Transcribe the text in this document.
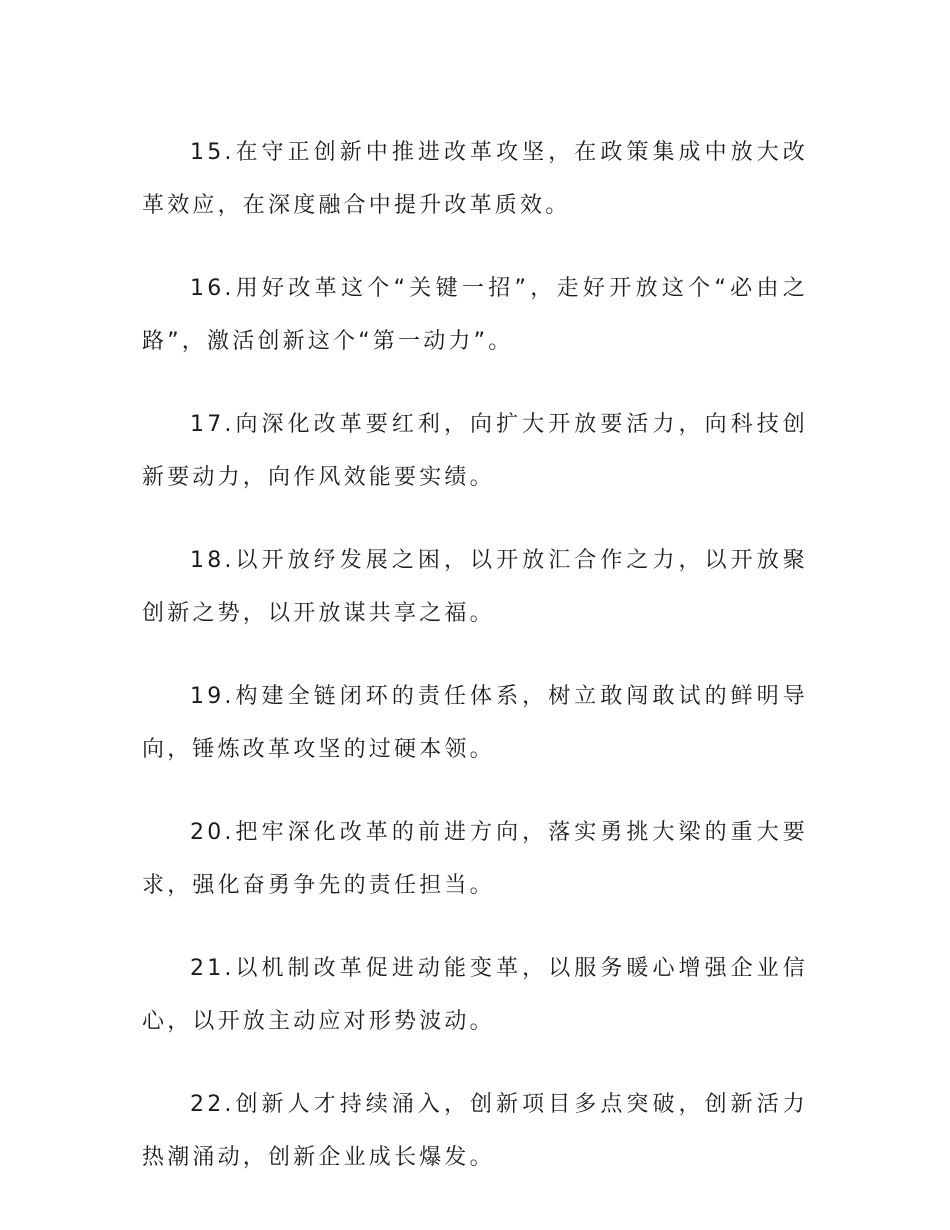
15.在守正创新中推进改革攻坚，在政策集成中放大改革效应，在深度融合中提升改革质效。

16.用好改革这个“关键一招”，走好开放这个“必由之路”，激活创新这个“第一动力”。

17.向深化改革要红利，向扩大开放要活力，向科技创新要动力，向作风效能要实绩。

18.以开放纾发展之困，以开放汇合作之力，以开放聚创新之势，以开放谋共享之福。

19.构建全链闭环的责任体系，树立敢闯敢试的鲜明导向，锤炼改革攻坚的过硬本领。

20.把牢深化改革的前进方向，落实勇挑大梁的重大要求，强化奋勇争先的责任担当。

21.以机制改革促进动能变革，以服务暖心增强企业信心，以开放主动应对形势波动。

22.创新人才持续涌入，创新项目多点突破，创新活力热潮涌动，创新企业成长爆发。
